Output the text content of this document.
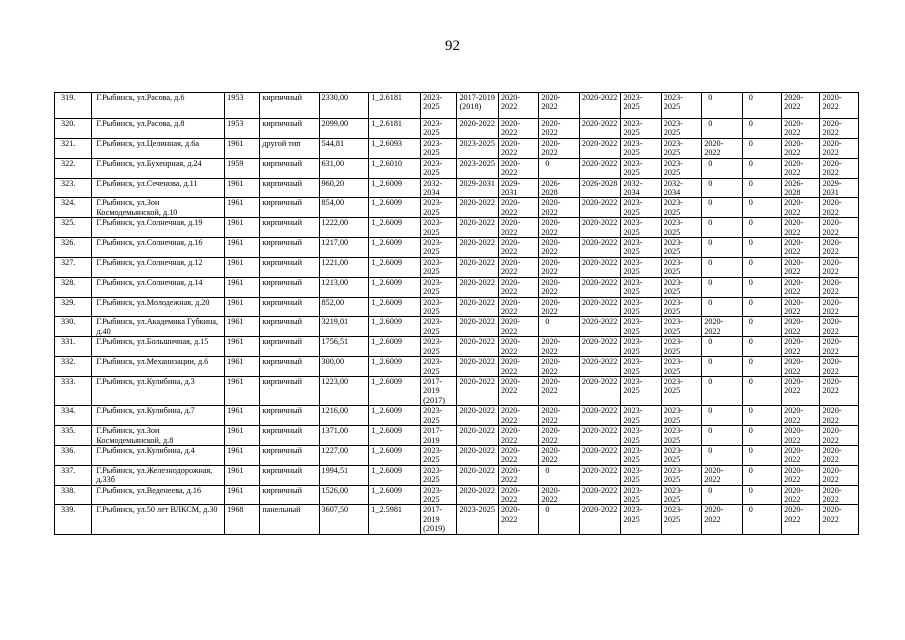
92
319.	Г.Рыбинск, ул.Расова, д.6	1953	кирпичный	2330,00	1_2.6181	2023-2025	2017-2019 (2018)	2020-2022	2020-2022	2020-2022	2023-2025	2023-2025	0	0	2020-2022	2020-2022
320.	Г.Рыбинск, ул.Расова, д.8	1953	кирпичный	2099,00	1_2.6181	2023-2025	2020-2022	2020-2022	2020-2022	2020-2022	2023-2025	2023-2025	0	0	2020-2022	2020-2022
321.	Г.Рыбинск, ул.Целинная, д.6а	1961	другой тип	544,81	1_2.6093	2023-2025	2023-2025	2020-2022	2020-2022	2020-2022	2023-2025	2023-2025	2020-2022	0	2020-2022	2020-2022
322.	Г.Рыбинск, ул.Бухенрная, д.24	1959	кирпичный	631,00	1_2.6010	2023-2025	2023-2025	2020-2022	0	2020-2022	2023-2025	2023-2025	0	0	2020-2022	2020-2022
323.	Г.Рыбинск, ул.Сеченова, д.11	1961	кирпичный	960,20	1_2.6009	2032-2034	2029-2031	2029-2031	2026-2028	2026-2028	2032-2034	2032-2034	0	0	2026-2028	2029-2031
324.	Г.Рыбинск, ул.Зои Космодемьянской, д.10	1961	кирпичный	854,00	1_2.6009	2023-2025	2020-2022	2020-2022	2020-2022	2020-2022	2023-2025	2023-2025	0	0	2020-2022	2020-2022
325.	Г.Рыбинск, ул.Солнечная, д.19	1961	кирпичный	1222,00	1_2.6009	2023-2025	2020-2022	2020-2022	2020-2022	2020-2022	2023-2025	2023-2025	0	0	2020-2022	2020-2022
326.	Г.Рыбинск, ул.Солнечная, д.16	1961	кирпичный	1217,00	1_2.6009	2023-2025	2020-2022	2020-2022	2020-2022	2020-2022	2023-2025	2023-2025	0	0	2020-2022	2020-2022
327.	Г.Рыбинск, ул.Солнечная, д.12	1961	кирпичный	1221,00	1_2.6009	2023-2025	2020-2022	2020-2022	2020-2022	2020-2022	2023-2025	2023-2025	0	0	2020-2022	2020-2022
328.	Г.Рыбинск, ул.Солнечная, д.14	1961	кирпичный	1213,00	1_2.6009	2023-2025	2020-2022	2020-2022	2020-2022	2020-2022	2023-2025	2023-2025	0	0	2020-2022	2020-2022
329.	Г.Рыбинск, ул.Молодежная, д.20	1961	кирпичный	852,00	1_2.6009	2023-2025	2020-2022	2020-2022	2020-2022	2020-2022	2023-2025	2023-2025	0	0	2020-2022	2020-2022
330.	Г.Рыбинск, ул.Академика Губкина, д.40	1961	кирпичный	3219,01	1_2.6009	2023-2025	2020-2022	2020-2022	0	2020-2022	2023-2025	2023-2025	2020-2022	0	2020-2022	2020-2022
331.	Г.Рыбинск, ул.Большичная, д.15	1961	кирпичный	1756,51	1_2.6009	2023-2025	2020-2022	2020-2022	2020-2022	2020-2022	2023-2025	2023-2025	0	0	2020-2022	2020-2022
332.	Г.Рыбинск, ул.Механизации, д.6	1961	кирпичный	300,00	1_2.6009	2023-2025	2020-2022	2020-2022	2020-2022	2020-2022	2023-2025	2023-2025	0	0	2020-2022	2020-2022
333.	Г.Рыбинск, ул.Кулибина, д.3	1961	кирпичный	1223,00	1_2.6009	2017-2019 (2017)	2020-2022	2020-2022	2020-2022	2020-2022	2023-2025	2023-2025	0	0	2020-2022	2020-2022
334.	Г.Рыбинск, ул.Кулибина, д.7	1961	кирпичный	1216,00	1_2.6009	2023-2025	2020-2022	2020-2022	2020-2022	2020-2022	2023-2025	2023-2025	0	0	2020-2022	2020-2022
335.	Г.Рыбинск, ул.Зои Космодемьянской, д.8	1961	кирпичный	1371,00	1_2.6009	2017-2019	2020-2022	2020-2022	2020-2022	2020-2022	2023-2025	2023-2025	0	0	2020-2022	2020-2022
336.	Г.Рыбинск, ул.Кулибина, д.4	1961	кирпичный	1227,00	1_2.6009	2023-2025	2020-2022	2020-2022	2020-2022	2020-2022	2023-2025	2023-2025	0	0	2020-2022	2020-2022
337.	Г.Рыбинск, ул.Железнодорожная, д.33б	1961	кирпичный	1994,51	1_2.6009	2023-2025	2020-2022	2020-2022	0	2020-2022	2023-2025	2023-2025	2020-2022	0	2020-2022	2020-2022
338.	Г.Рыбинск, ул.Веденеева, д.16	1961	кирпичный	1526,00	1_2.6009	2023-2025	2020-2022	2020-2022	2020-2022	2020-2022	2023-2025	2023-2025	0	0	2020-2022	2020-2022
339.	Г.Рыбинск, ул.50 лет ВЛКСМ, д.30	1968	панельный	3607,50	1_2.5981	2017-2019 (2019)	2023-2025	2020-2022	0	2020-2022	2023-2025	2023-2025	2020-2022	0	2020-2022	2020-2022
